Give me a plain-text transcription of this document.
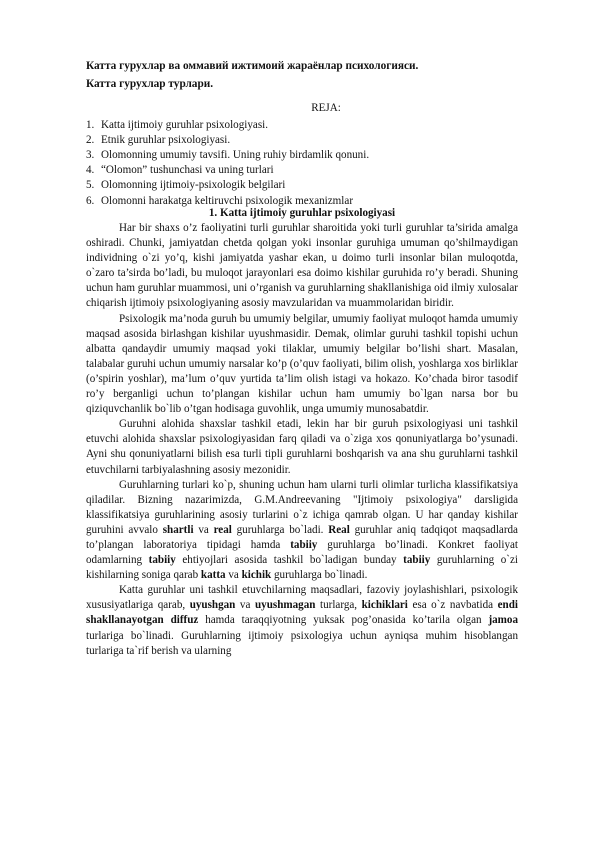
Катта гурухлар ва оммавий ижтимоий жараёнлар психологияси.
Катта гурухлар турлари.
REJA:
1. Katta ijtimoiy guruhlar psixologiyasi.
2. Etnik guruhlar psixologiyasi.
3. Olomonning umumiy tavsifi. Uning ruhiy birdamlik qonuni.
4. “Olomon” tushunchasi va uning turlari
5. Olomonning ijtimoiy-psixologik belgilari
6. Olomonni harakatga keltiruvchi psixologik mexanizmlar
1. Katta ijtimoiy guruhlar psixologiyasi

Har bir shaxs o’z faoliyatini turli guruhlar sharoitida yoki turli guruhlar ta’sirida amalga oshiradi. Chunki, jamiyatdan chetda qolgan yoki insonlar guruhiga umuman qo’shilmaydigan individning o`zi yo’q, kishi jamiyatda yashar ekan, u doimo turli insonlar bilan muloqotda, o`zaro ta’sirda bo’ladi, bu muloqot jarayonlari esa doimo kishilar guruhida ro’y beradi. Shuning uchun ham guruhlar muammosi, uni o’rganish va guruhlarning shakllanishiga oid ilmiy xulosalar chiqarish ijtimoiy psixologiyaning asosiy mavzularidan va muammolaridan biridir.

Psixologik ma’noda guruh bu umumiy belgilar, umumiy faoliyat muloqot hamda umumiy maqsad asosida birlashgan kishilar uyushmasidir. Demak, olimlar guruhi tashkil topishi uchun albatta qandaydir umumiy maqsad yoki tilaklar, umumiy belgilar bo’lishi shart. Masalan, talabalar guruhi uchun umumiy narsalar ko’p (o’quv faoliyati, bilim olish, yoshlarga xos birliklar (o’spirin yoshlar), ma’lum o’quv yurtida ta’lim olish istagi va hokazo. Ko’chada biror tasodif ro’y berganligi uchun to’plangan kishilar uchun ham umumiy bo`lgan narsa bor bu qiziquvchanlik bo`lib o’tgan hodisaga guvohlik, unga umumiy munosabatdir.

Guruhni alohida shaxslar tashkil etadi, lekin har bir guruh psixologiyasi uni tashkil etuvchi alohida shaxslar psixologiyasidan farq qiladi va o`ziga xos qonuniyatlarga bo’ysunadi. Ayni shu qonuniyatlarni bilish esa turli tipli guruhlarni boshqarish va ana shu guruhlarni tashkil etuvchilarni tarbiyalashning asosiy mezonidir.

Guruhlarning turlari ko`p, shuning uchun ham ularni turli olimlar turlicha klassifikatsiya qiladilar. Bizning nazarimizda, G.M.Andreevaning "Ijtimoiy psixologiya" darsligida klassifikatsiya guruhlarining asosiy turlarini o`z ichiga qamrab olgan. U har qanday kishilar guruhini avvalo shartli va real guruhlarga bo`ladi. Real guruhlar aniq tadqiqot maqsadlarda to’plangan laboratoriya tipidagi hamda tabiiy guruhlarga bo’linadi. Konkret faoliyat odamlarning tabiiy ehtiyojlari asosida tashkil bo`ladigan bunday tabiiy guruhlarning o`zi kishilarning soniga qarab katta va kichik guruhlarga bo`linadi.

Katta guruhlar uni tashkil etuvchilarning maqsadlari, fazoviy joylashishlari, psixologik xususiyatlariga qarab, uyushgan va uyushmagan turlarga, kichiklari esa o`z navbatida endi shakllanayotgan diffuz hamda taraqqiyotning yuksak pog’onasida ko’tarila olgan jamoa turlariga bo`linadi. Guruhlarning ijtimoiy psixologiya uchun ayniqsa muhim hisoblangan turlariga ta`rif berish va ularning
